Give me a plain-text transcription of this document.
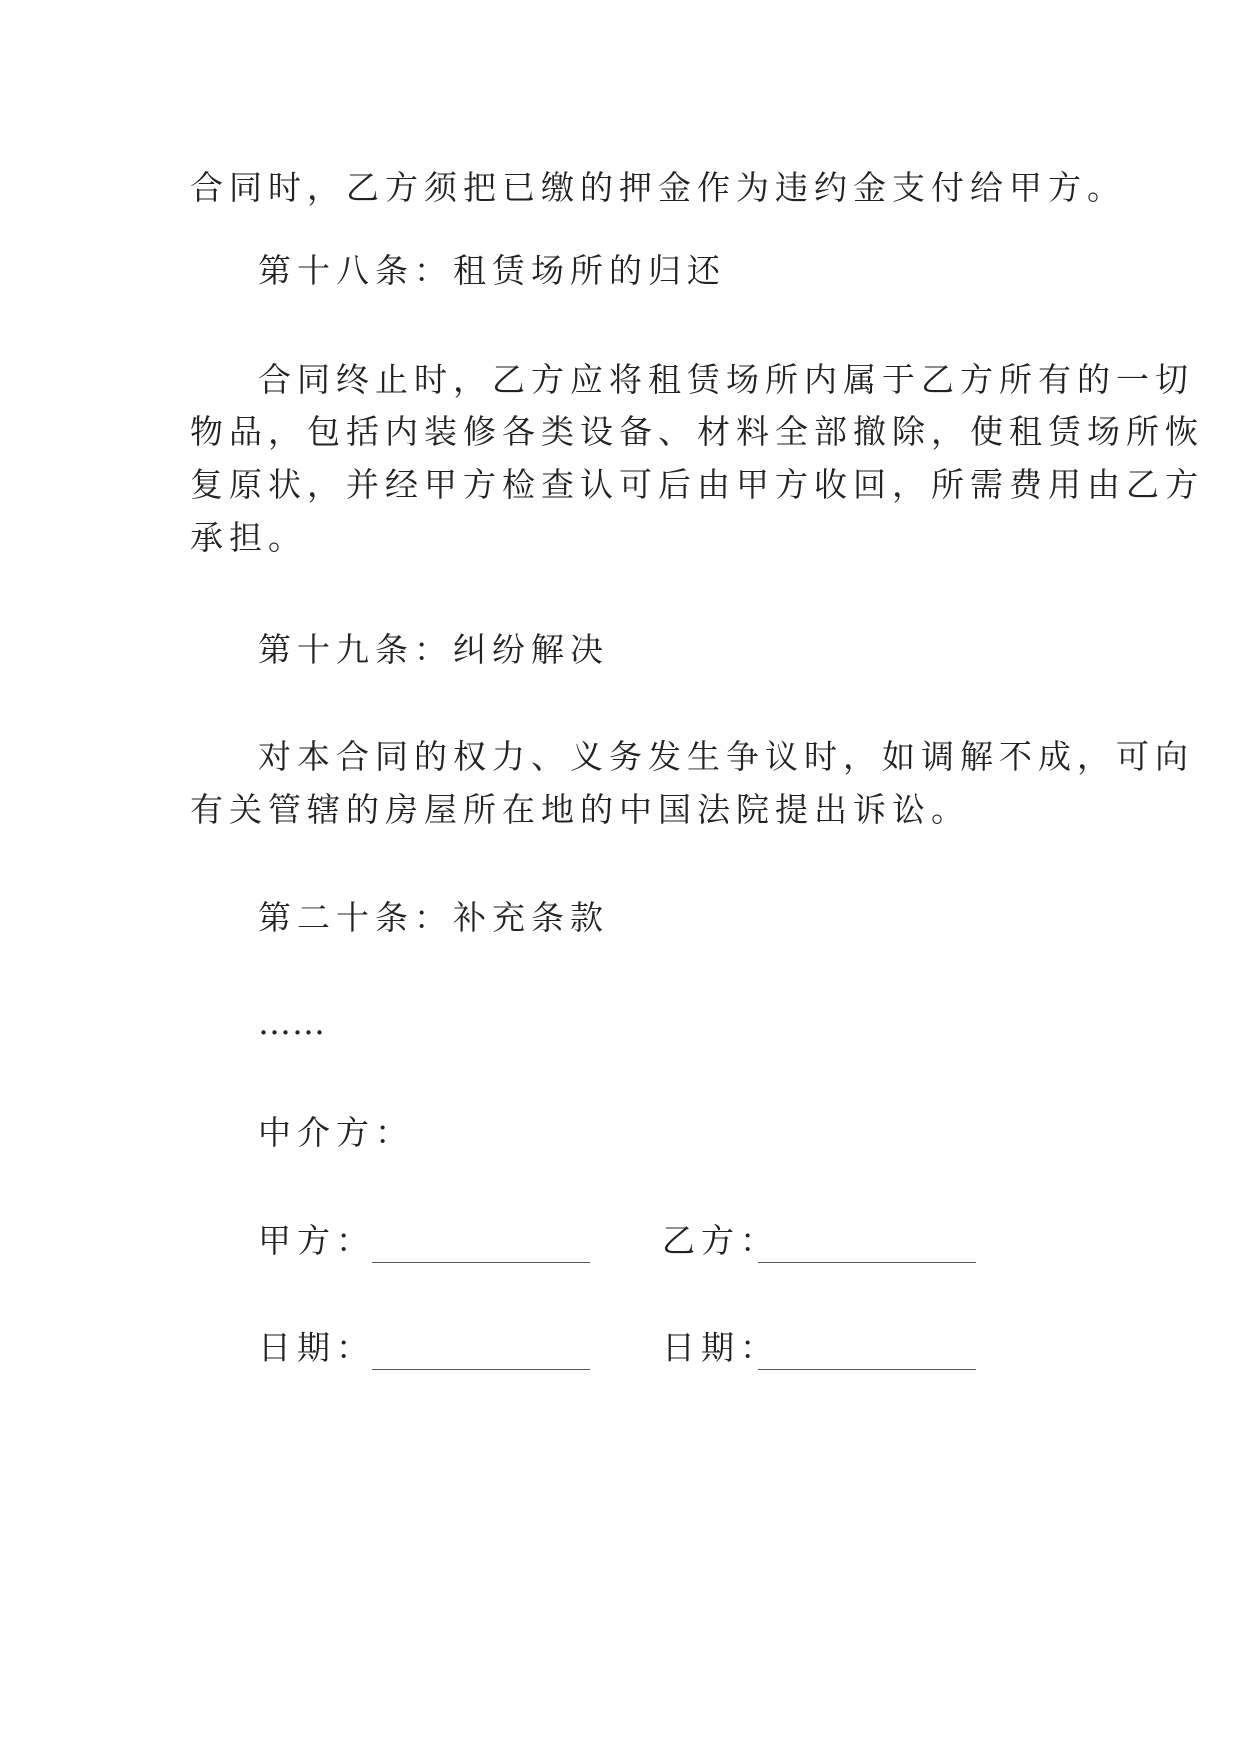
合同时，乙方须把已缴的押金作为违约金支付给甲方。
第十八条：租赁场所的归还
合同终止时，乙方应将租赁场所内属于乙方所有的一切
物品，包括内装修各类设备、材料全部撤除，使租赁场所恢
复原状，并经甲方检查认可后由甲方收回，所需费用由乙方
承担。
第十九条：纠纷解决
对本合同的权力、义务发生争议时，如调解不成，可向
有关管辖的房屋所在地的中国法院提出诉讼。
第二十条：补充条款
……
中介方：
甲方：	乙方：
日期：	日期：
